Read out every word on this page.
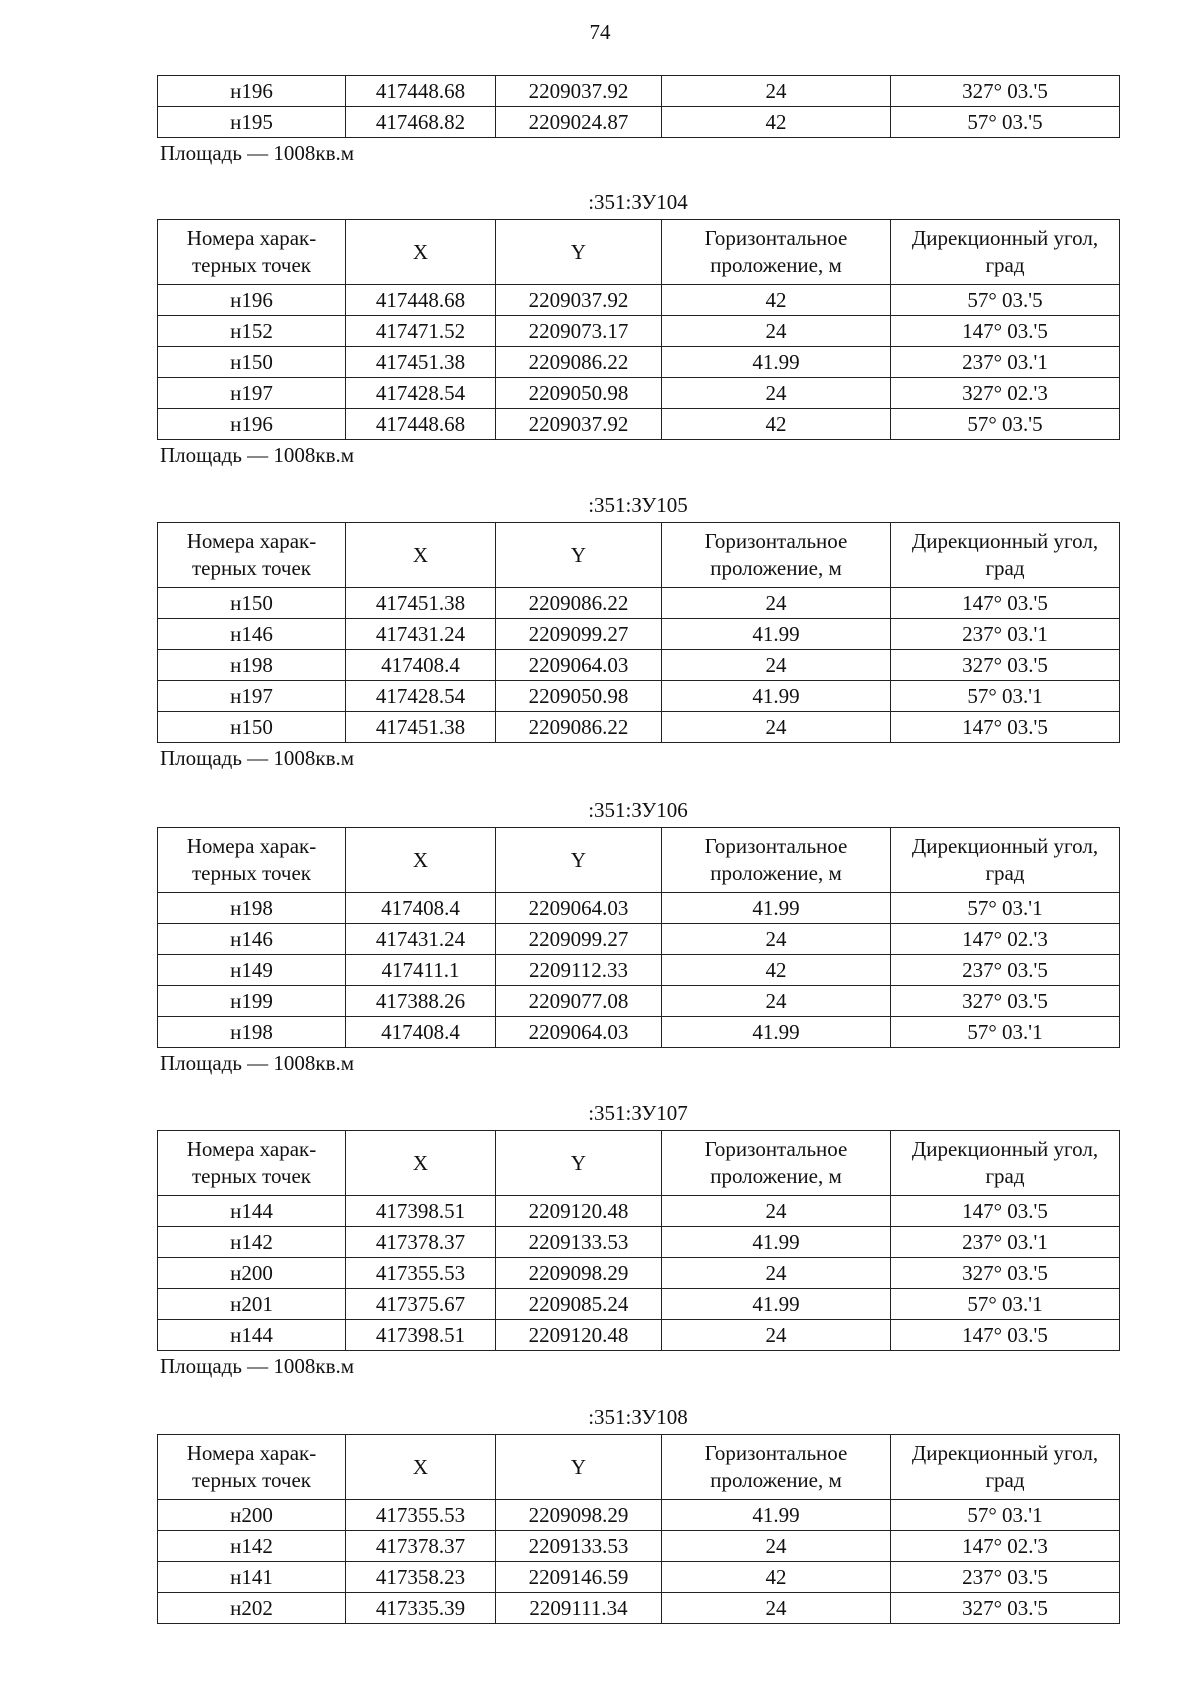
74
н196	417448.68	2209037.92	24	327° 03.'5
н195	417468.82	2209024.87	42	57° 03.'5
Площадь — 1008кв.м
:351:ЗУ104
Номера харак-терных точек	X	Y	Горизонтальное проложение, м	Дирекционный угол, град
н196	417448.68	2209037.92	42	57° 03.'5
н152	417471.52	2209073.17	24	147° 03.'5
н150	417451.38	2209086.22	41.99	237° 03.'1
н197	417428.54	2209050.98	24	327° 02.'3
н196	417448.68	2209037.92	42	57° 03.'5
Площадь — 1008кв.м
:351:ЗУ105
Номера харак-терных точек	X	Y	Горизонтальное проложение, м	Дирекционный угол, град
н150	417451.38	2209086.22	24	147° 03.'5
н146	417431.24	2209099.27	41.99	237° 03.'1
н198	417408.4	2209064.03	24	327° 03.'5
н197	417428.54	2209050.98	41.99	57° 03.'1
н150	417451.38	2209086.22	24	147° 03.'5
Площадь — 1008кв.м
:351:ЗУ106
Номера харак-терных точек	X	Y	Горизонтальное проложение, м	Дирекционный угол, град
н198	417408.4	2209064.03	41.99	57° 03.'1
н146	417431.24	2209099.27	24	147° 02.'3
н149	417411.1	2209112.33	42	237° 03.'5
н199	417388.26	2209077.08	24	327° 03.'5
н198	417408.4	2209064.03	41.99	57° 03.'1
Площадь — 1008кв.м
:351:ЗУ107
Номера харак-терных точек	X	Y	Горизонтальное проложение, м	Дирекционный угол, град
н144	417398.51	2209120.48	24	147° 03.'5
н142	417378.37	2209133.53	41.99	237° 03.'1
н200	417355.53	2209098.29	24	327° 03.'5
н201	417375.67	2209085.24	41.99	57° 03.'1
н144	417398.51	2209120.48	24	147° 03.'5
Площадь — 1008кв.м
:351:ЗУ108
Номера харак-терных точек	X	Y	Горизонтальное проложение, м	Дирекционный угол, град
н200	417355.53	2209098.29	41.99	57° 03.'1
н142	417378.37	2209133.53	24	147° 02.'3
н141	417358.23	2209146.59	42	237° 03.'5
н202	417335.39	2209111.34	24	327° 03.'5
